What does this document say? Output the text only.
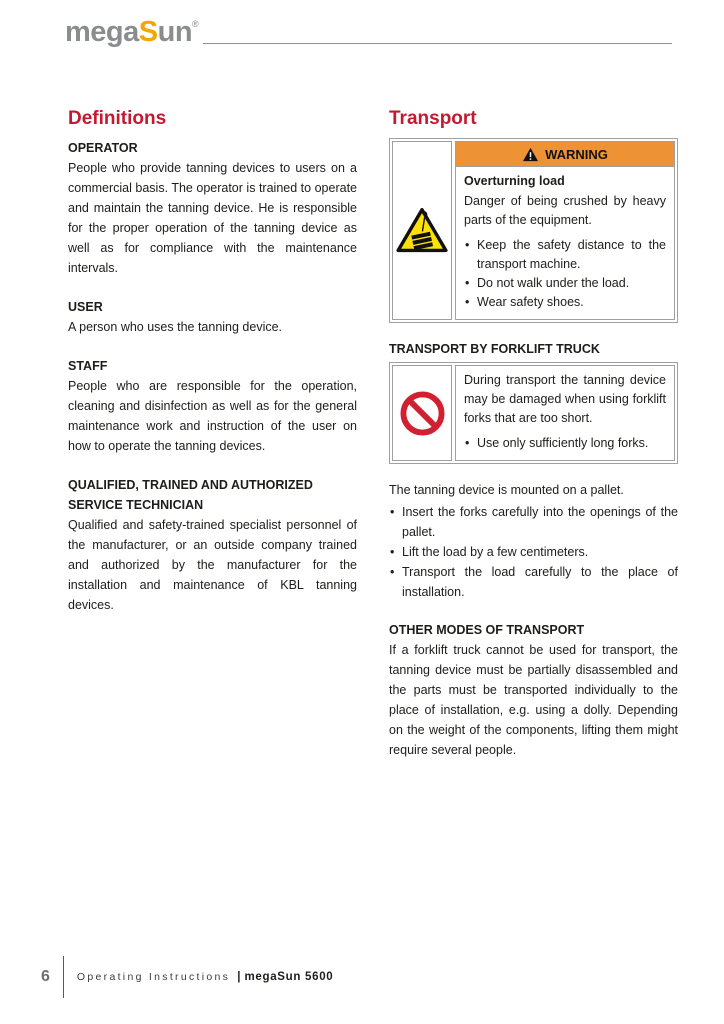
megaSun®
Definitions
OPERATOR

People who provide tanning devices to users on a commercial basis. The operator is trained to operate and maintain the tanning device. He is responsible for the proper operation of the tanning device as well as for compliance with the maintenance intervals.

USER

A person who uses the tanning device.

STAFF

People who are responsible for the operation, cleaning and disinfection as well as for the general maintenance work and instruction of the user on how to operate the tanning devices.

QUALIFIED, TRAINED AND AUTHORIZED SERVICE TECHNICIAN

Qualified and safety-trained specialist personnel of the manufacturer, or an outside company trained and authorized by the manufacturer for the installation and maintenance of KBL tanning devices.

Transport
WARNING
Overturning load

Danger of being crushed by heavy parts of the equipment.

• Keep the safety distance to the transport machine.
• Do not walk under the load.
• Wear safety shoes.
TRANSPORT BY FORKLIFT TRUCK

During transport the tanning device may be damaged when using forklift forks that are too short.

• Use only sufficiently long forks.

The tanning device is mounted on a pallet.

• Insert the forks carefully into the openings of the pallet.
• Lift the load by a few centimeters.
• Transport the load carefully to the place of installation.
OTHER MODES OF TRANSPORT

If a forklift truck cannot be used for transport, the tanning device must be partially disassembled and the parts must be transported individually to the place of installation, e.g. using a dolly. Depending on the weight of the components, lifting them might require several people.

6	Operating Instructions | megaSun 5600
